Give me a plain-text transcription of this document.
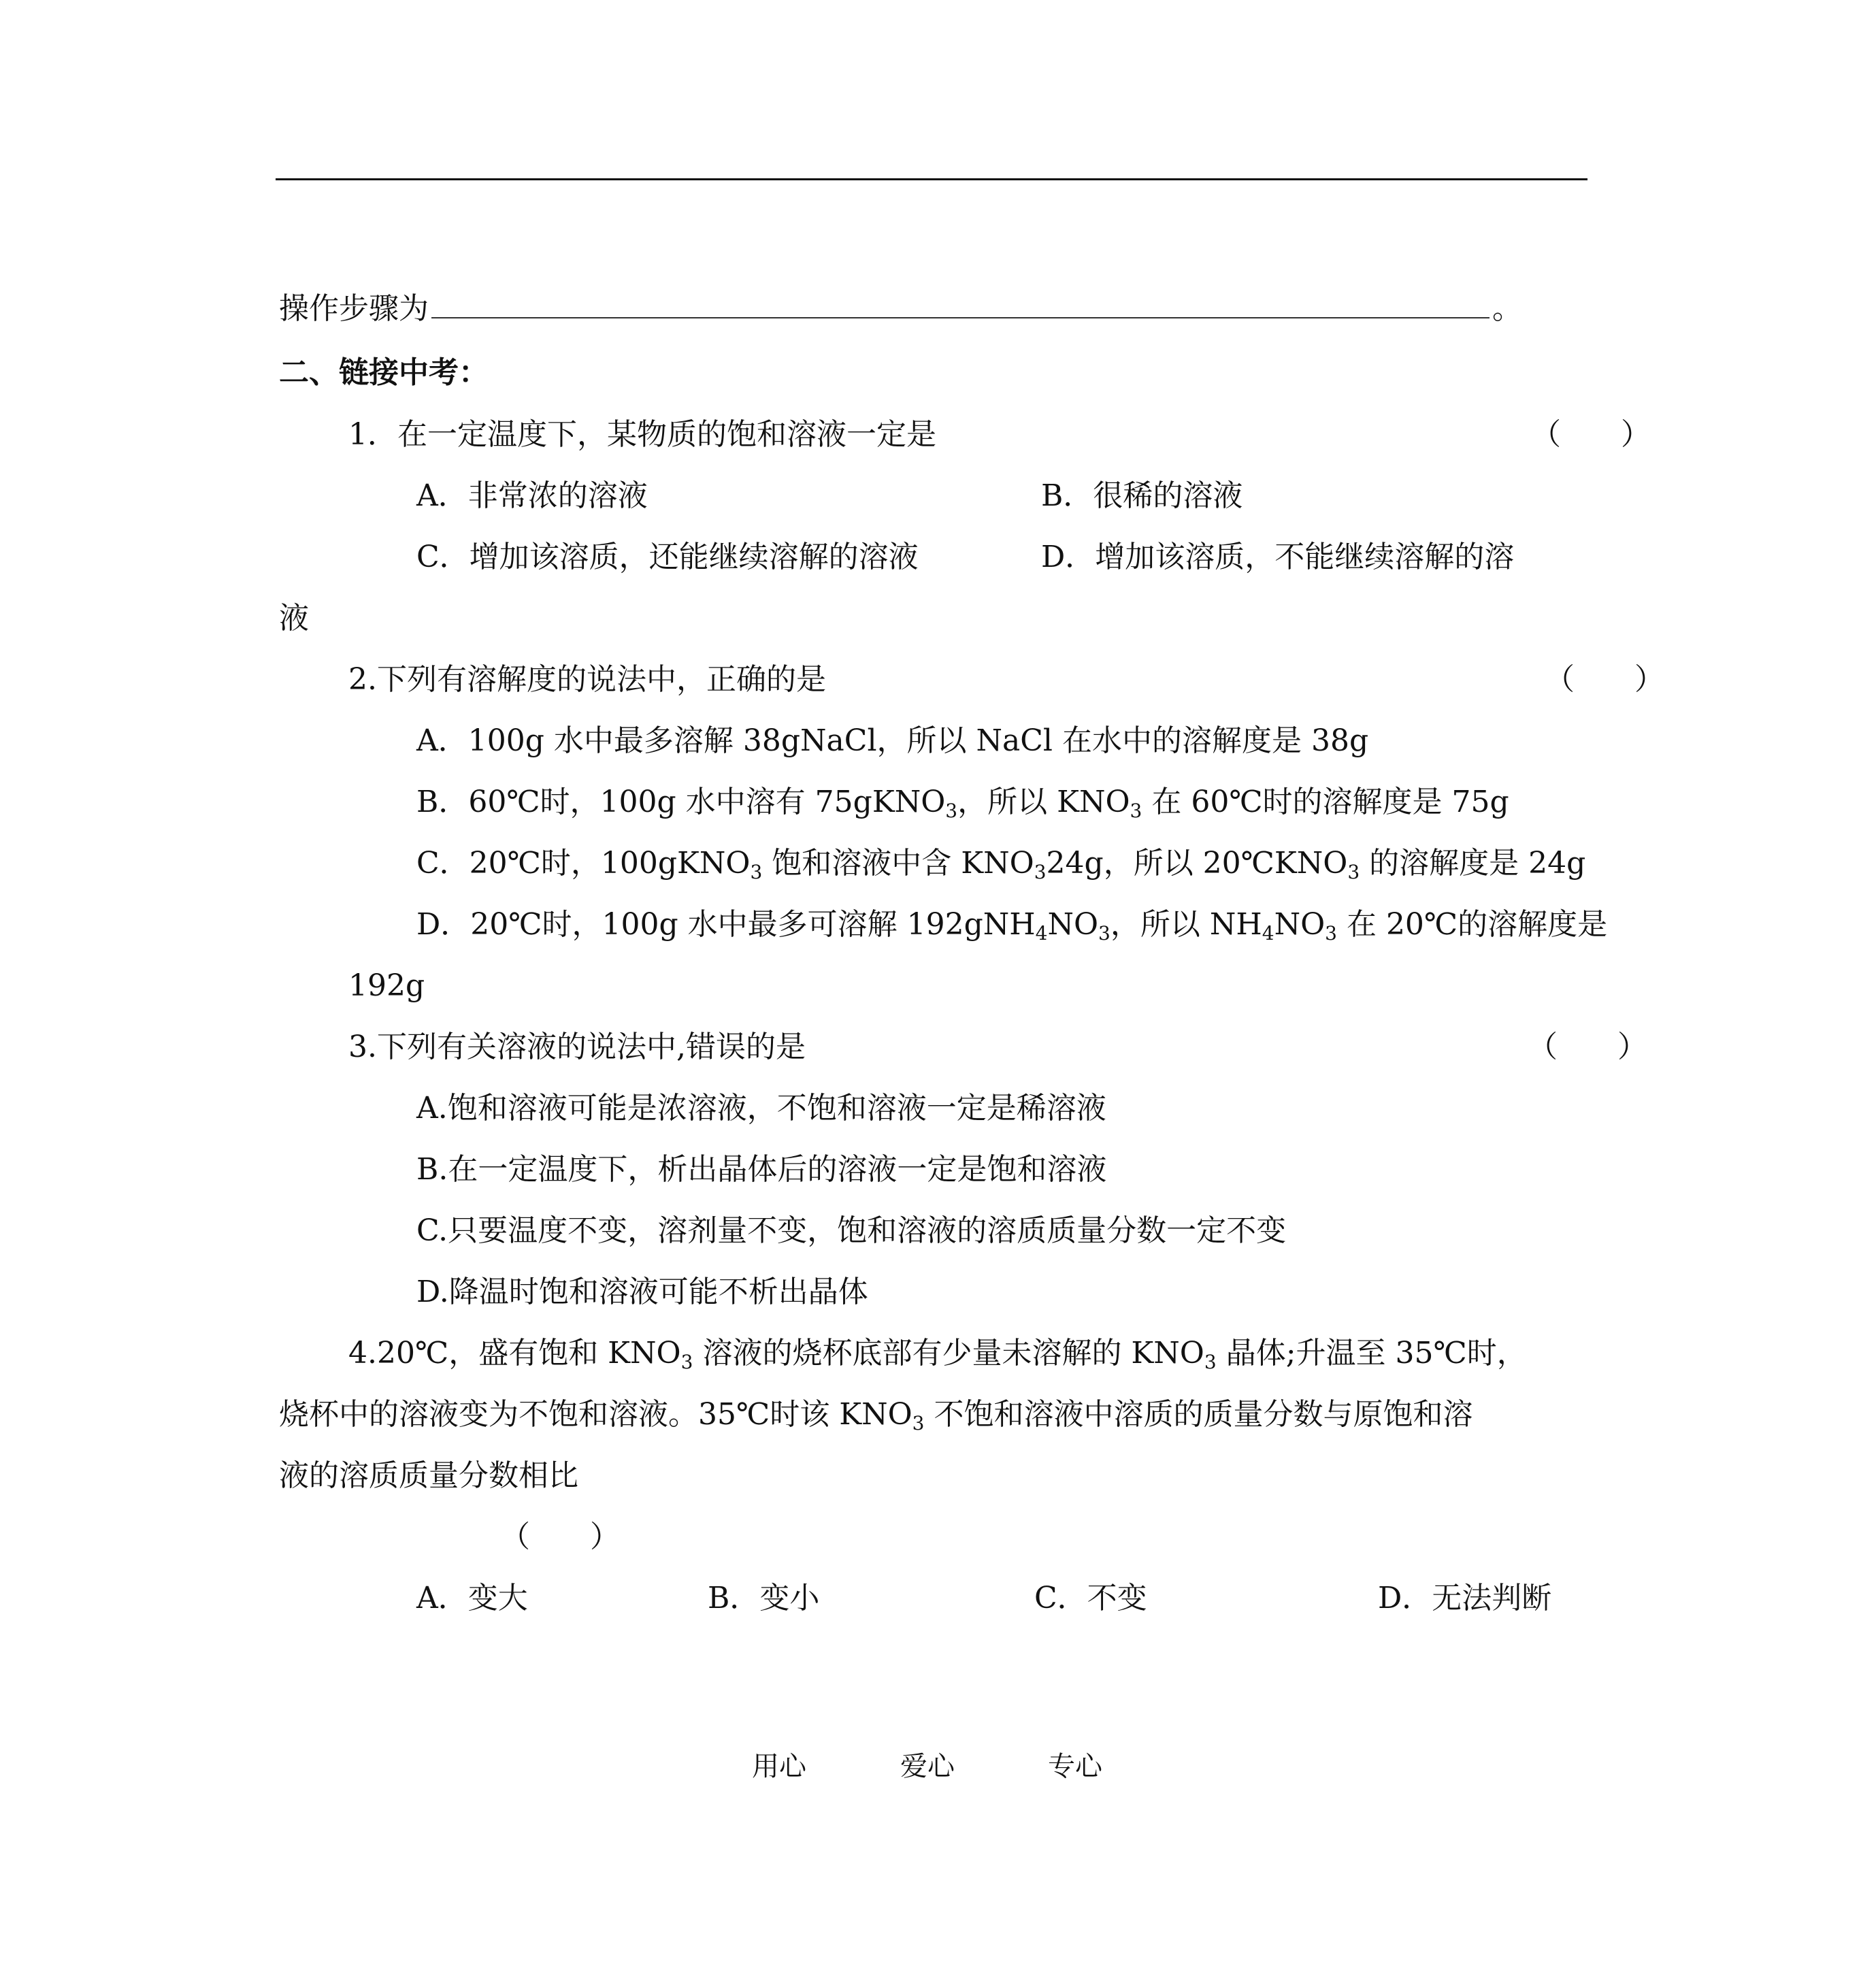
操作步骤为	。
二、链接中考：
1．在一定温度下，某物质的饱和溶液一定是	（　　）
A．非常浓的溶液	B．很稀的溶液
C．增加该溶质，还能继续溶解的溶液	D．增加该溶质，不能继续溶解的溶
液
2.下列有溶解度的说法中，正确的是	（　　）
A．100g 水中最多溶解 38gNaCl，所以 NaCl 在水中的溶解度是 38g
B．60℃时，100g 水中溶有 75gKNO$_3$，所以 $KNO_3$ 在 60℃时的溶解度是 75g
C．20℃时，100gKNO$_3$ 饱和溶液中含 $KNO_324g$，所以 $20℃KNO_3$ 的溶解度是 24g
D．20℃时，100g 水中最多可溶解 $192gNH_4NO_3$，所以 $NH_4NO_3$ 在 20℃的溶解度是
192g
3.下列有关溶液的说法中,错误的是	（　　）
A.饱和溶液可能是浓溶液，不饱和溶液一定是稀溶液
B.在一定温度下，析出晶体后的溶液一定是饱和溶液
C.只要温度不变，溶剂量不变，饱和溶液的溶质质量分数一定不变
D.降温时饱和溶液可能不析出晶体
4.20℃，盛有饱和 $KNO_3$ 溶液的烧杯底部有少量未溶解的 $KNO_3$ 晶体;升温至 35℃时，
烧杯中的溶液变为不饱和溶液。35℃时该 $KNO_3$ 不饱和溶液中溶质的质量分数与原饱和溶
液的溶质质量分数相比
（　　）
A．变大	B．变小	C．不变	D．无法判断
用心	爱心	专心
